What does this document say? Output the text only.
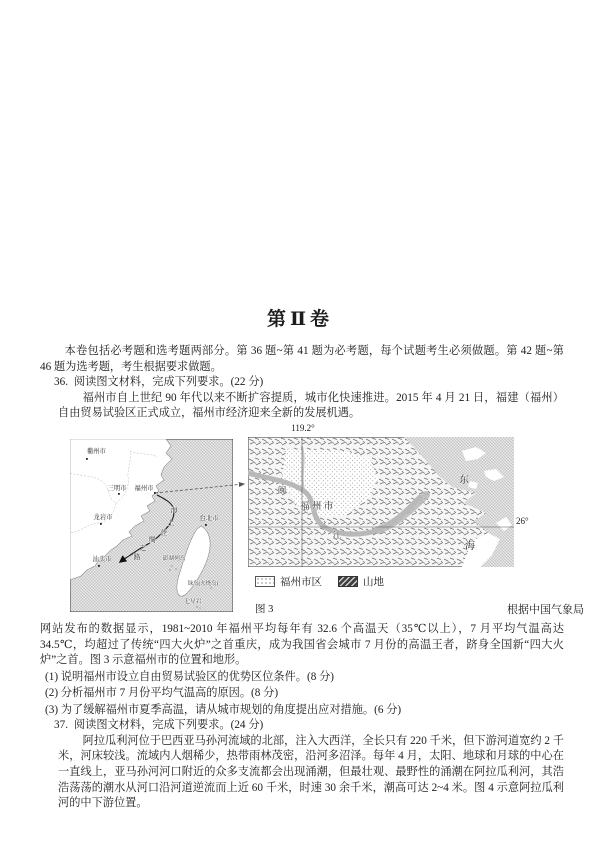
第Ⅱ卷

本卷包括必考题和选考题两部分。第 36 题~第 41 题为必考题，每个试题考生必须做题。第 42 题~第 46 题为选考题，考生根据要求做题。

36. 阅读图文材料，完成下列要求。(22 分)

福州市自上世纪 90 年代以来不断扩容提质，城市化快速推进。2015 年 4 月 21 日，福建（福州）自由贸易试验区正式成立，福州市经济迎来全新的发展机遇。

119.2°
26°
衢州市
三明市 福州市
龙岩市
汕头市
台北市
澎湖列岛
绿岛(火烧岛)
七星岩
海
上
丝
绸
之
路
闽
福 州 市
江
东
海
福州市区	山地
图 3	根据中国气象局

网站发布的数据显示，1981~2010 年福州平均每年有 32.6 个高温天（35℃以上），7 月平均气温高达 34.5℃，均超过了传统“四大火炉”之首重庆，成为我国省会城市 7 月份的高温王者，跻身全国新“四大火炉”之首。图 3 示意福州市的位置和地形。

(1) 说明福州市设立自由贸易试验区的优势区位条件。(8 分)

(2) 分析福州市 7 月份平均气温高的原因。(8 分)

(3) 为了缓解福州市夏季高温，请从城市规划的角度提出应对措施。(6 分)

37. 阅读图文材料，完成下列要求。(24 分)

阿拉瓜利河位于巴西亚马孙河流域的北部，注入大西洋，全长只有 220 千米，但下游河道宽约 2 千米，河床较浅。流域内人烟稀少，热带雨林茂密，沿河多沼泽。每年 4 月，太阳、地球和月球的中心在一直线上，亚马孙河河口附近的众多支流都会出现涌潮，但最壮观、最野性的涌潮在阿拉瓜利河，其浩浩荡荡的潮水从河口沿河道逆流而上近 60 千米，时速 30 余千米，潮高可达 2~4 米。图 4 示意阿拉瓜利河的中下游位置。
